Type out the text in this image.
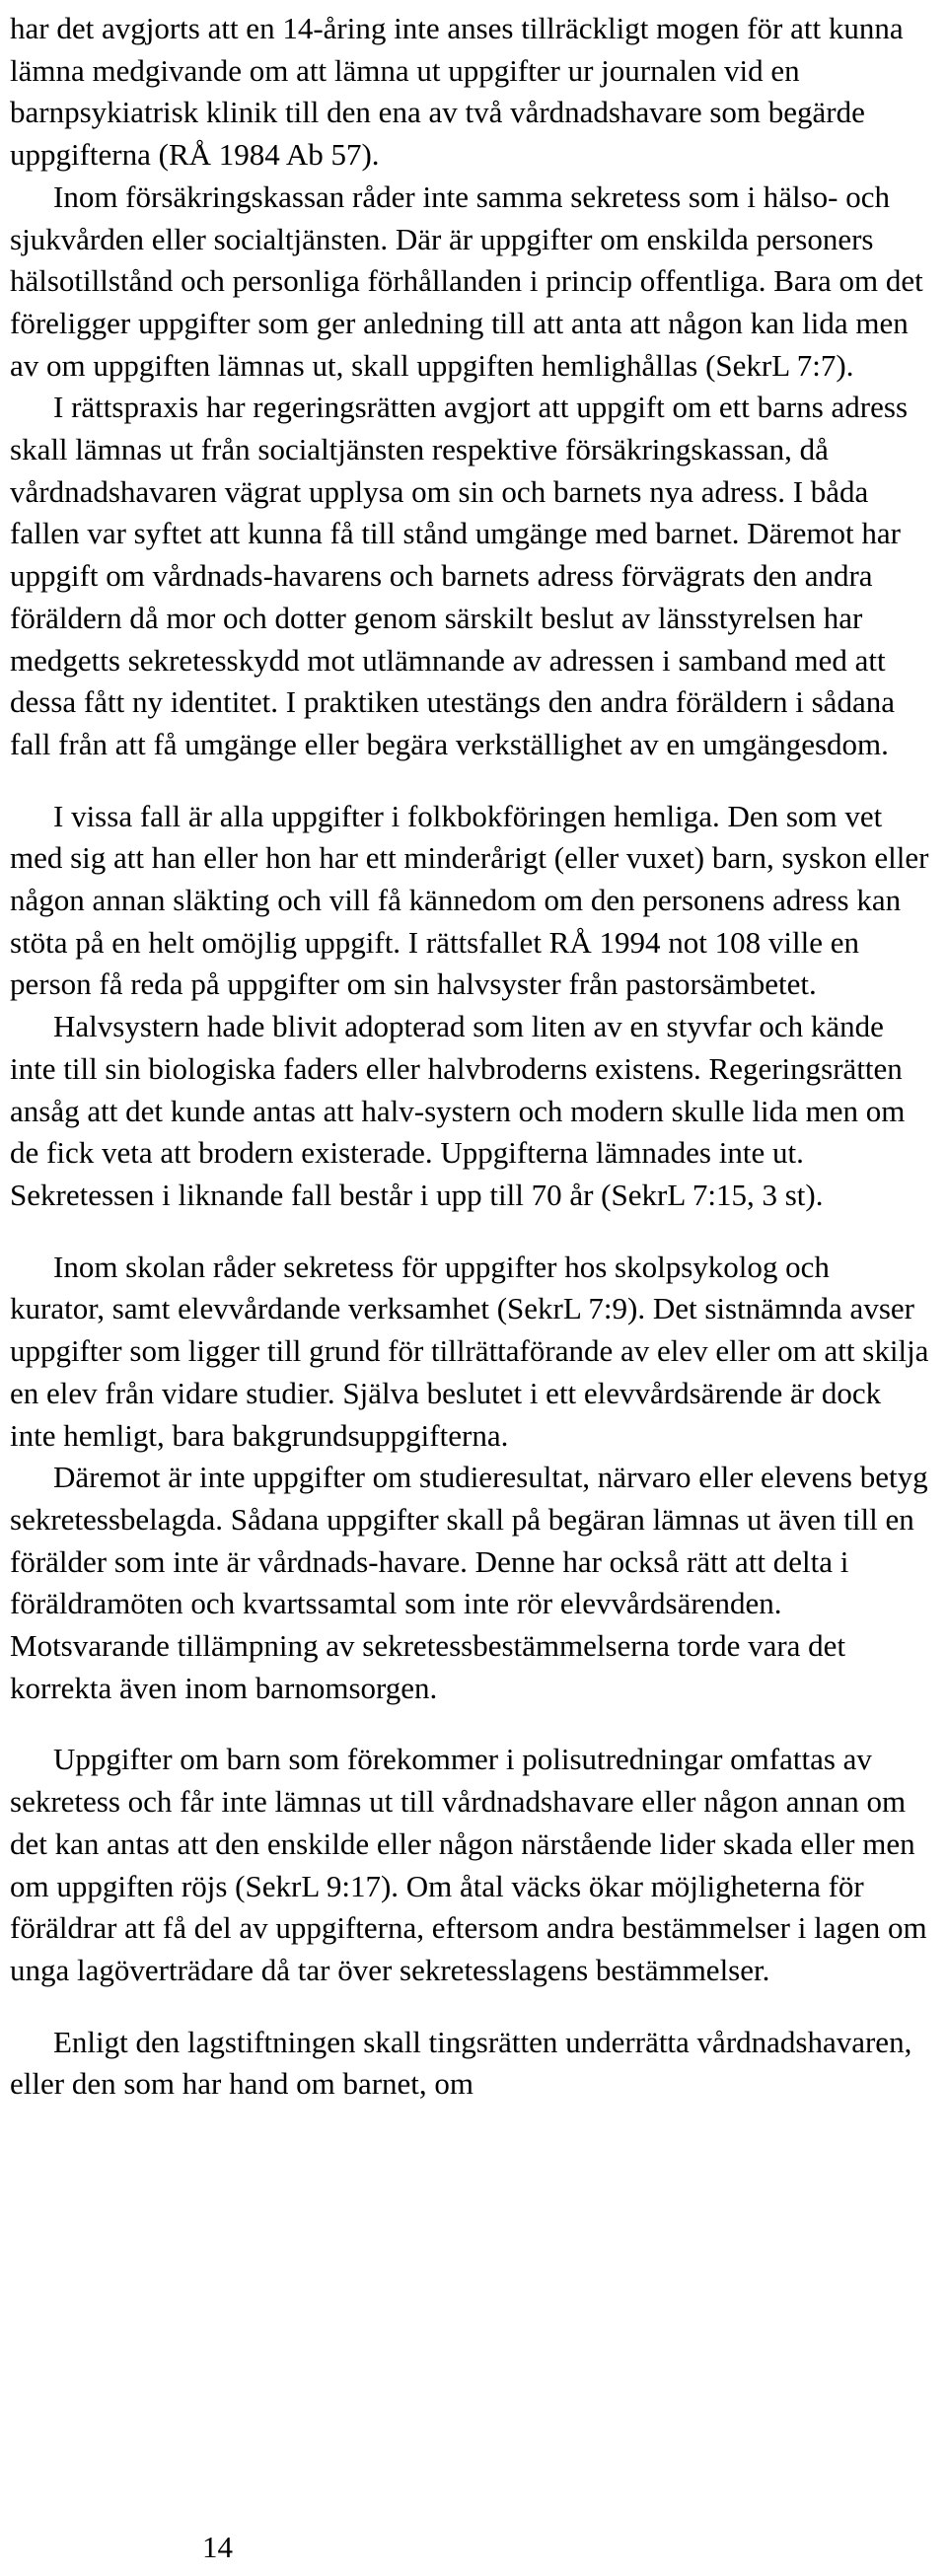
har det avgjorts att en 14-åring inte anses tillräckligt mogen för att kunna lämna medgivande om att lämna ut uppgifter ur journalen vid en barnpsykiatrisk klinik till den ena av två vårdnadshavare som begärde uppgifterna (RÅ 1984 Ab 57).

Inom försäkringskassan råder inte samma sekretess som i hälso- och sjukvården eller socialtjänsten. Där är uppgifter om enskilda personers hälsotillstånd och personliga förhållanden i princip offentliga. Bara om det föreligger uppgifter som ger anledning till att anta att någon kan lida men av om uppgiften lämnas ut, skall uppgiften hemlighållas (SekrL 7:7).

I rättspraxis har regeringsrätten avgjort att uppgift om ett barns adress skall lämnas ut från socialtjänsten respektive försäkringskassan, då vårdnadshavaren vägrat upplysa om sin och barnets nya adress. I båda fallen var syftet att kunna få till stånd umgänge med barnet. Däremot har uppgift om vårdnads-havarens och barnets adress förvägrats den andra föräldern då mor och dotter genom särskilt beslut av länsstyrelsen har medgetts sekretesskydd mot utlämnande av adressen i samband med att dessa fått ny identitet. I praktiken utestängs den andra föräldern i sådana fall från att få umgänge eller begära verkställighet av en umgängesdom.

I vissa fall är alla uppgifter i folkbokföringen hemliga. Den som vet med sig att han eller hon har ett minderårigt (eller vuxet) barn, syskon eller någon annan släkting och vill få kännedom om den personens adress kan stöta på en helt omöjlig uppgift. I rättsfallet RÅ 1994 not 108 ville en person få reda på uppgifter om sin halvsyster från pastorsämbetet.

Halvsystern hade blivit adopterad som liten av en styvfar och kände inte till sin biologiska faders eller halvbroderns existens. Regeringsrätten ansåg att det kunde antas att halv-systern och modern skulle lida men om de fick veta att brodern existerade. Uppgifterna lämnades inte ut. Sekretessen i liknande fall består i upp till 70 år (SekrL 7:15, 3 st).

Inom skolan råder sekretess för uppgifter hos skolpsykolog och kurator, samt elevvårdande verksamhet (SekrL 7:9). Det sistnämnda avser uppgifter som ligger till grund för tillrättaförande av elev eller om att skilja en elev från vidare studier. Själva beslutet i ett elevvårdsärende är dock inte hemligt, bara bakgrundsuppgifterna.

Däremot är inte uppgifter om studieresultat, närvaro eller elevens betyg sekretessbelagda. Sådana uppgifter skall på begäran lämnas ut även till en förälder som inte är vårdnads-havare. Denne har också rätt att delta i föräldramöten och kvartssamtal som inte rör elevvårdsärenden. Motsvarande tillämpning av sekretessbestämmelserna torde vara det korrekta även inom barnomsorgen.

Uppgifter om barn som förekommer i polisutredningar omfattas av sekretess och får inte lämnas ut till vårdnadshavare eller någon annan om det kan antas att den enskilde eller någon närstående lider skada eller men om uppgiften röjs (SekrL 9:17). Om åtal väcks ökar möjligheterna för föräldrar att få del av uppgifterna, eftersom andra bestämmelser i lagen om unga lagöverträdare då tar över sekretesslagens bestämmelser.

Enligt den lagstiftningen skall tingsrätten underrätta vårdnadshavaren, eller den som har hand om barnet, om

14
